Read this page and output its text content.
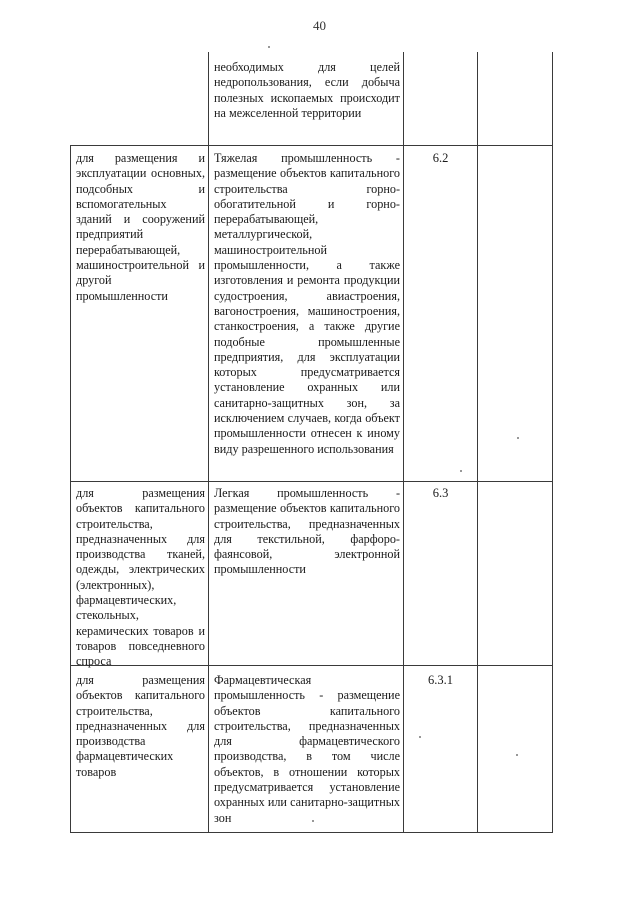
40
необходимых для целей недропользования, если добыча полезных ископаемых происходит на межселенной территории
для размещения и эксплуатации основных, подсобных и вспомогательных зданий и сооружений предприятий перерабатывающей, машиностроительной и другой промышленности
Тяжелая промышленность - размещение объектов капитального строительства горно-обогатительной и горно-перерабатывающей, металлургической, машиностроительной промышленности, а также изготовления и ремонта продукции судостроения, авиастроения, вагоностроения, машиностроения, станкостроения, а также другие подобные промышленные предприятия, для эксплуатации которых предусматривается установление охранных или санитарно-защитных зон, за исключением случаев, когда объект промышленности отнесен к иному виду разрешенного использования
6.2
для размещения объектов капитального строительства, предназначенных для производства тканей, одежды, электрических (электронных), фармацевтических, стекольных, керамических товаров и товаров повседневного спроса
Легкая промышленность - размещение объектов капитального строительства, предназначенных для текстильной, фарфоро-фаянсовой, электронной промышленности
6.3
для размещения объектов капитального строительства, предназначенных для производства фармацевтических товаров
Фармацевтическая промышленность - размещение объектов капитального строительства, предназначенных для фармацевтического производства, в том числе объектов, в отношении которых предусматривается установление охранных или санитарно-защитных зон
6.3.1
